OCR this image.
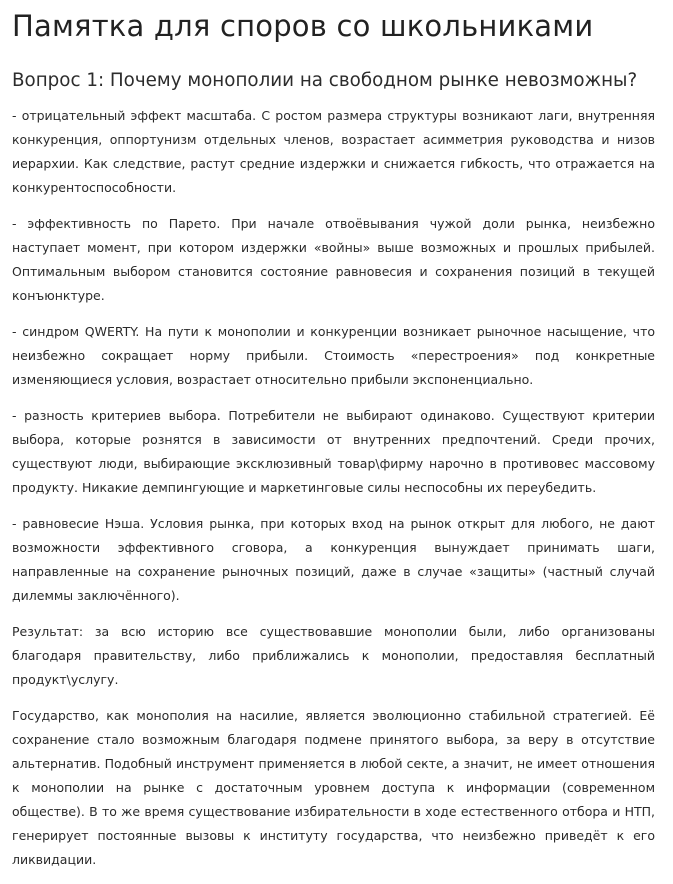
Памятка для споров со школьниками
Вопрос 1: Почему монополии на свободном рынке невозможны?

- отрицательный эффект масштаба. С ростом размера структуры возникают лаги, внутренняя конкуренция, оппортунизм отдельных членов, возрастает асимметрия руководства и низов иерархии. Как следствие, растут средние издержки и снижается гибкость, что отражается на конкурентоспособности.

- эффективность по Парето. При начале отвоёвывания чужой доли рынка, неизбежно наступает момент, при котором издержки «войны» выше возможных и прошлых прибылей. Оптимальным выбором становится состояние равновесия и сохранения позиций в текущей конъюнктуре.

- синдром QWERTY. На пути к монополии и конкуренции возникает рыночное насыщение, что неизбежно сокращает норму прибыли. Стоимость «перестроения» под конкретные изменяющиеся условия, возрастает относительно прибыли экспоненциально.

- разность критериев выбора. Потребители не выбирают одинаково. Существуют критерии выбора, которые рознятся в зависимости от внутренних предпочтений. Среди прочих, существуют люди, выбирающие эксклюзивный товар\фирму нарочно в противовес массовому продукту. Никакие демпингующие и маркетинговые силы неспособны их переубедить.

- равновесие Нэша. Условия рынка, при которых вход на рынок открыт для любого, не дают возможности эффективного сговора, а конкуренция вынуждает принимать шаги, направленные на сохранение рыночных позиций, даже в случае «защиты» (частный случай дилеммы заключённого).

Результат: за всю историю все существовавшие монополии были, либо организованы благодаря правительству, либо приближались к монополии, предоставляя бесплатный продукт\услугу.

Государство, как монополия на насилие, является эволюционно стабильной стратегией. Её сохранение стало возможным благодаря подмене принятого выбора, за веру в отсутствие альтернатив. Подобный инструмент применяется в любой секте, а значит, не имеет отношения к монополии на рынке с достаточным уровнем доступа к информации (современном обществе). В то же время существование избирательности в ходе естественного отбора и НТП, генерирует постоянные вызовы к институту государства, что неизбежно приведёт к его ликвидации.
